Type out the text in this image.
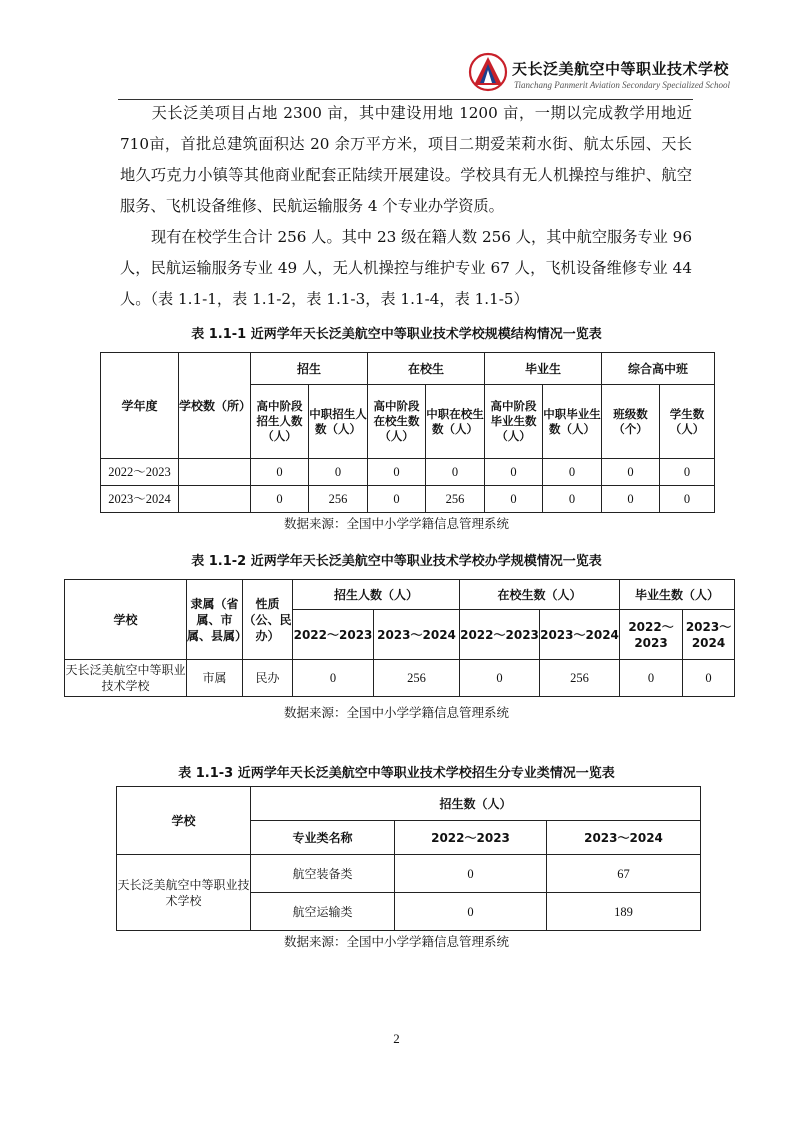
天长泛美航空中等职业技术学校
Tianchang Panmerit Aviation Secondary Specialized School
天长泛美项目占地 2300 亩，其中建设用地 1200 亩，一期以完成教学用地近 710亩，首批总建筑面积达 20 余万平方米，项目二期爱茉莉水街、航太乐园、天长地久巧克力小镇等其他商业配套正陆续开展建设。学校具有无人机操控与维护、航空服务、飞机设备维修、民航运输服务 4 个专业办学资质。
现有在校学生合计 256 人。其中 23 级在籍人数 256 人，其中航空服务专业 96 人，民航运输服务专业 49 人，无人机操控与维护专业 67 人，飞机设备维修专业 44 人。（表 1.1-1，表 1.1-2，表 1.1-3，表 1.1-4，表 1.1-5）
表 1.1-1 近两学年天长泛美航空中等职业技术学校规模结构情况一览表
学年度	学校数（所）	招生		在校生		毕业生		综合高中班	
		高中阶段招生人数（人）	中职招生人数（人）	高中阶段在校生数（人）	中职在校生数（人）	高中阶段毕业生数（人）	中职毕业生数（人）	班级数（个）	学生数（人）
2022～2023		0	0	0	0	0	0	0	0
2023～2024		0	256	0	256	0	0	0	0
数据来源：全国中小学学籍信息管理系统
表 1.1-2 近两学年天长泛美航空中等职业技术学校办学规模情况一览表
学校	隶属（省属、市属、县属）	性质（公、民办）	招生人数（人）		在校生数（人）		毕业生数（人）	
			2022～2023	2023～2024	2022～2023	2023～2024	2022～2023	2023～2024
天长泛美航空中等职业技术学校	市属	民办	0	256	0	256	0	0
数据来源：全国中小学学籍信息管理系统
表 1.1-3 近两学年天长泛美航空中等职业技术学校招生分专业类情况一览表
学校	招生数（人）		
	专业类名称	2022～2023	2023～2024
天长泛美航空中等职业技术学校	航空装备类	0	67
	航空运输类	0	189
数据来源：全国中小学学籍信息管理系统
2
